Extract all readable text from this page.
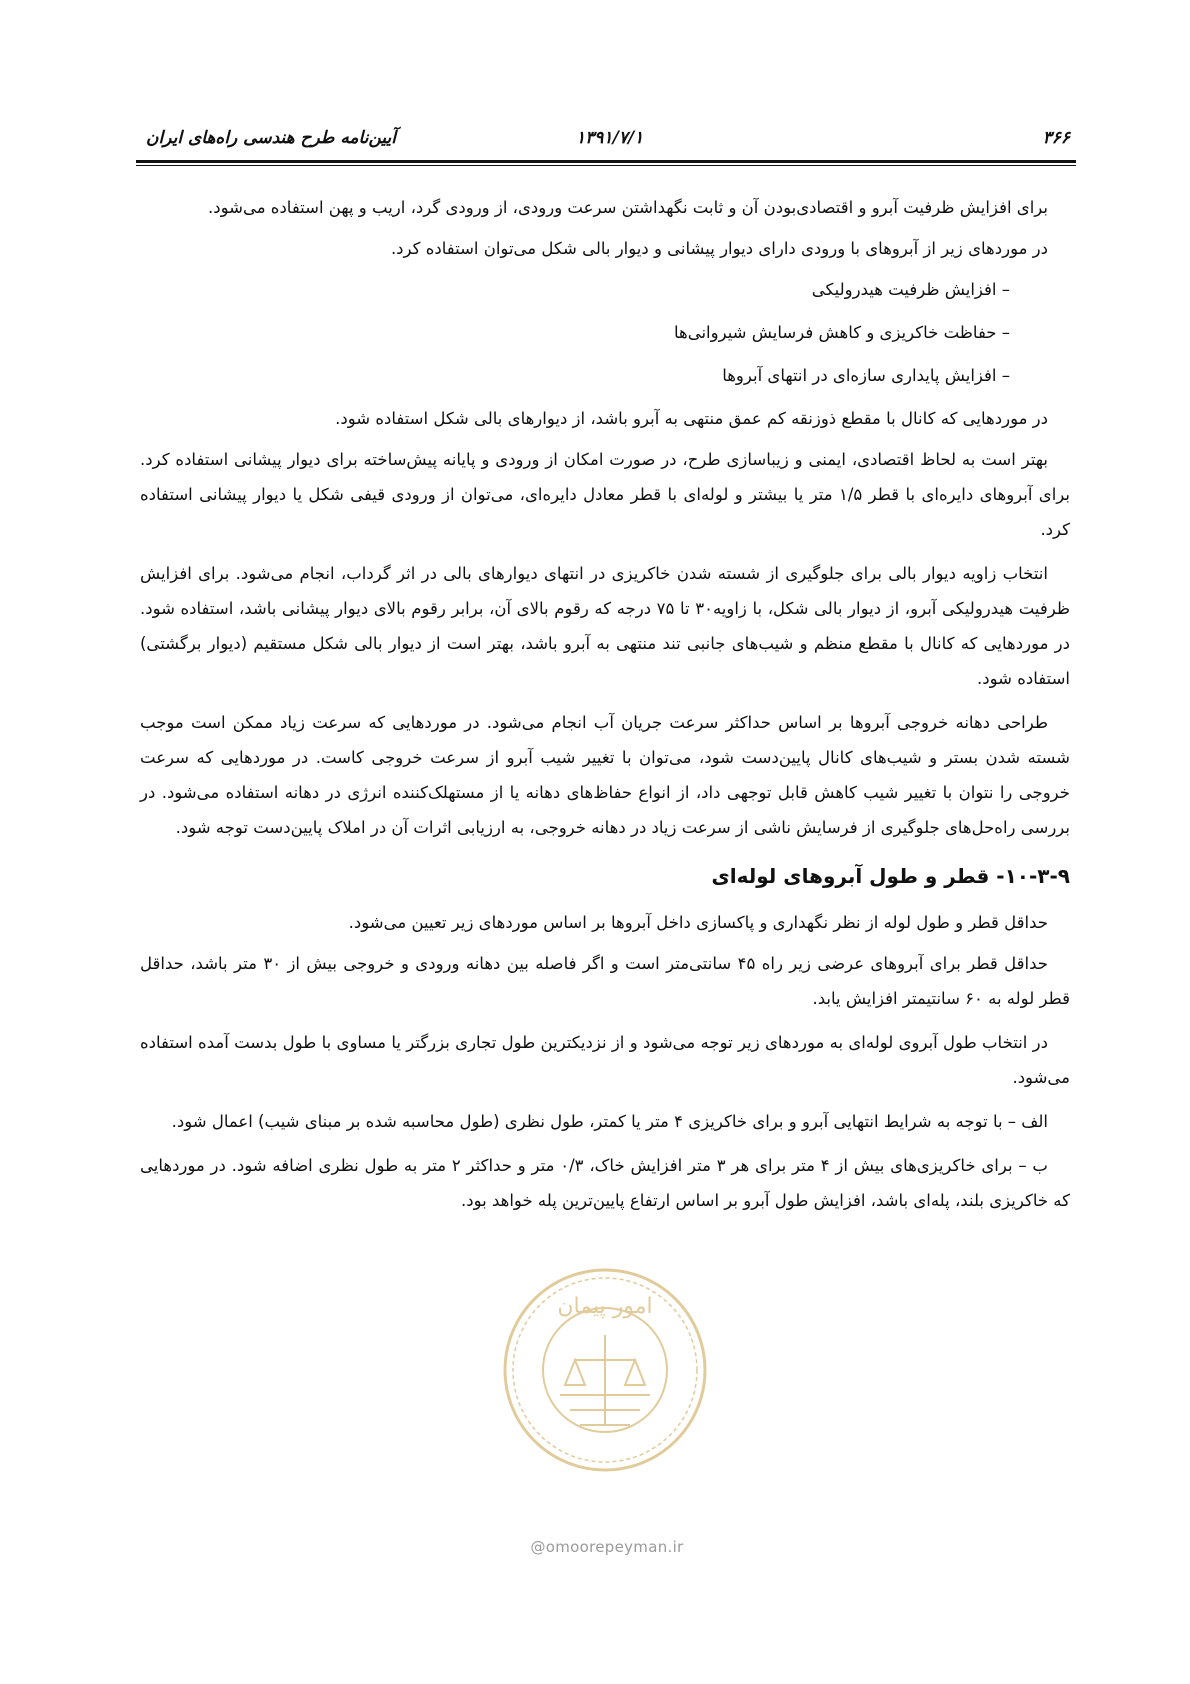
آیین‌نامه طرح هندسی راه‌های ایران	۱۳۹۱/۷/۱	۳۶۶

برای افزایش ظرفیت آبرو و اقتصادی‌بودن آن و ثابت نگهداشتن سرعت ورودی، از ورودی گرد، اریب و پهن استفاده می‌شود.

در موردهای زیر از آبروهای با ورودی دارای دیوار پیشانی و دیوار بالی شکل می‌توان استفاده کرد.

– افزایش ظرفیت هیدرولیکی

– حفاظت خاکریزی و کاهش فرسایش شیروانی‌ها

– افزایش پایداری سازه‌ای در انتهای آبروها

در موردهایی که کانال با مقطع ذوزنقه کم عمق منتهی به آبرو باشد، از دیوارهای بالی شکل استفاده شود.

بهتر است به لحاظ اقتصادی، ایمنی و زیباسازی طرح، در صورت امکان از ورودی و پایانه پیش‌ساخته برای دیوار پیشانی استفاده کرد. برای آبروهای دایره‌ای با قطر ۱/۵ متر یا بیشتر و لوله‌ای با قطر معادل دایره‌ای، می‌توان از ورودی قیفی شکل یا دیوار پیشانی استفاده کرد.

انتخاب زاویه دیوار بالی برای جلوگیری از شسته شدن خاکریزی در انتهای دیوارهای بالی در اثر گرداب، انجام می‌شود. برای افزایش ظرفیت هیدرولیکی آبرو، از دیوار بالی شکل، با زاویه۳۰ تا ۷۵ درجه که رقوم بالای آن، برابر رقوم بالای دیوار پیشانی باشد، استفاده شود. در موردهایی که کانال با مقطع منظم و شیب‌های جانبی تند منتهی به آبرو باشد، بهتر است از دیوار بالی شکل مستقیم (دیوار برگشتی) استفاده شود.

طراحی دهانه خروجی آبروها بر اساس حداکثر سرعت جریان آب انجام می‌شود. در موردهایی که سرعت زیاد ممکن است موجب شسته شدن بستر و شیب‌های کانال پایین‌دست شود، می‌توان با تغییر شیب آبرو از سرعت خروجی کاست. در موردهایی که سرعت خروجی را نتوان با تغییر شیب کاهش قابل توجهی داد، از انواع حفاظ‌های دهانه یا از مستهلک‌کننده انرژی در دهانه استفاده می‌شود. در بررسی راه‌حل‌های جلوگیری از فرسایش ناشی از سرعت زیاد در دهانه خروجی، به ارزیابی اثرات آن در املاک پایین‌دست توجه شود.

۱۰-۳-۹- قطر و طول آبروهای لوله‌ای

حداقل قطر و طول لوله از نظر نگهداری و پاکسازی داخل آبروها بر اساس موردهای زیر تعیین می‌شود.

حداقل قطر برای آبروهای عرضی زیر راه ۴۵ سانتی‌متر است و اگر فاصله بین دهانه ورودی و خروجی بیش از ۳۰ متر باشد، حداقل قطر لوله به ۶۰ سانتیمتر افزایش یابد.

در انتخاب طول آبروی لوله‌ای به موردهای زیر توجه می‌شود و از نزدیکترین طول تجاری بزرگتر یا مساوی با طول بدست آمده استفاده می‌شود.

الف – با توجه به شرایط انتهایی آبرو و برای خاکریزی ۴ متر یا کمتر، طول نظری (طول محاسبه شده بر مبنای شیب) اعمال شود.

ب – برای خاکریزی‌های بیش از ۴ متر برای هر ۳ متر افزایش خاک، ۰/۳ متر و حداکثر ۲ متر به طول نظری اضافه شود. در موردهایی که خاکریزی بلند، پله‌ای باشد، افزایش طول آبرو بر اساس ارتفاع پایین‌ترین پله خواهد بود.

امور پیمان
@omoorepeyman.ir
